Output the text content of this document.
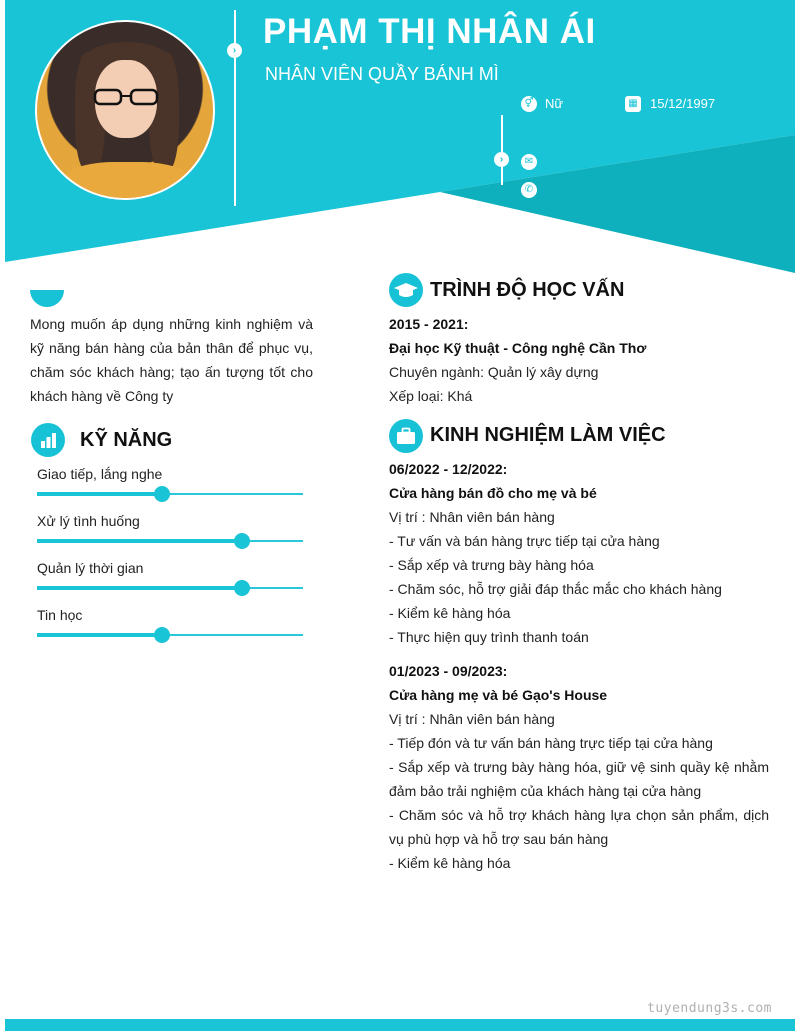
›
›
PHẠM THỊ NHÂN ÁI
NHÂN VIÊN QUẦY BÁNH MÌ
⚥ Nữ	▦ 15/12/1997
✉
✆
Mong muốn áp dụng những kinh nghiệm và kỹ năng bán hàng của bản thân để phục vụ, chăm sóc khách hàng; tạo ấn tượng tốt cho khách hàng về Công ty
KỸ NĂNG
Giao tiếp, lắng nghe
Xử lý tình huống
Quản lý thời gian
Tin học
TRÌNH ĐỘ HỌC VẤN
2015 - 2021:
Đại học Kỹ thuật - Công nghệ Cần Thơ
Chuyên ngành: Quản lý xây dựng
Xếp loại: Khá
KINH NGHIỆM LÀM VIỆC
06/2022 - 12/2022:
Cửa hàng bán đồ cho mẹ và bé
Vị trí : Nhân viên bán hàng
- Tư vấn và bán hàng trực tiếp tại cửa hàng
- Sắp xếp và trưng bày hàng hóa
- Chăm sóc, hỗ trợ giải đáp thắc mắc cho khách hàng
- Kiểm kê hàng hóa
- Thực hiện quy trình thanh toán
01/2023 - 09/2023:
Cửa hàng mẹ và bé Gạo's House
Vị trí : Nhân viên bán hàng
- Tiếp đón và tư vấn bán hàng trực tiếp tại cửa hàng
- Sắp xếp và trưng bày hàng hóa, giữ vệ sinh quầy kệ nhằm đảm bảo trải nghiệm của khách hàng tại cửa hàng
- Chăm sóc và hỗ trợ khách hàng lựa chọn sản phẩm, dịch vụ phù hợp và hỗ trợ sau bán hàng
- Kiểm kê hàng hóa
tuyendung3s.com
